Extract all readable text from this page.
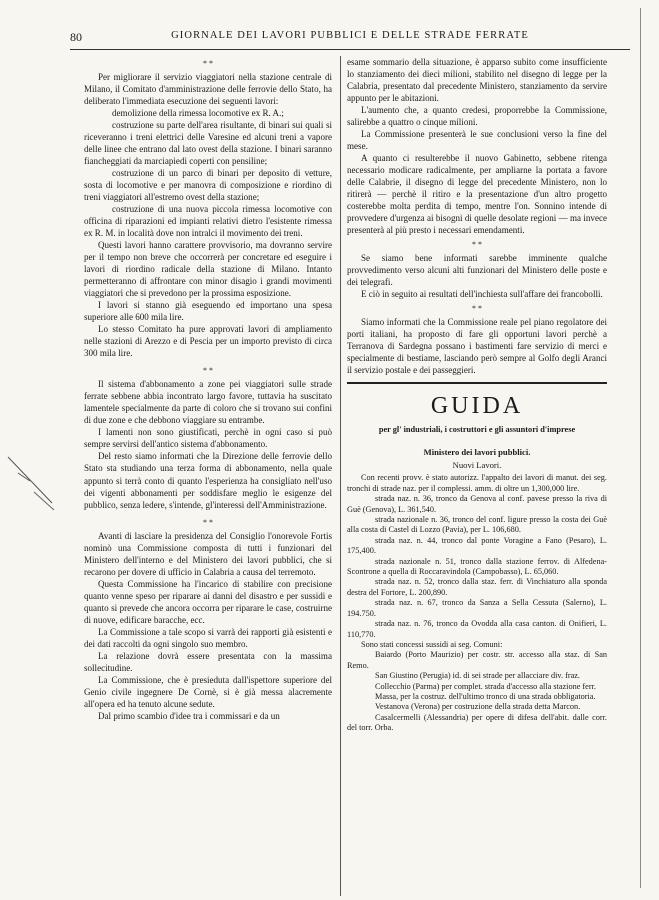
80	GIORNALE DEI LAVORI PUBBLICI E DELLE STRADE FERRATE
* *

Per migliorare il servizio viaggiatori nella stazione centrale di Milano, il Comitato d'amministrazione delle ferrovie dello Stato, ha deliberato l'immediata esecuzione dei seguenti lavori:

demolizione della rimessa locomotive ex R. A.;

costruzione su parte dell'area risultante, di binari sui quali si riceveranno i treni elettrici delle Varesine ed alcuni treni a vapore delle linee che entrano dal lato ovest della stazione. I binari saranno fiancheggiati da marciapiedi coperti con pensiline;

costruzione di un parco di binari per deposito di vetture, sosta di locomotive e per manovra di composizione e riordino di treni viaggiatori all'estremo ovest della stazione;

costruzione di una nuova piccola rimessa locomotive con officina di riparazioni ed impianti relativi dietro l'esistente rimessa ex R. M. in località dove non intralci il movimento dei treni.

Questi lavori hanno carattere provvisorio, ma dovranno servire per il tempo non breve che occorrerà per concretare ed eseguire i lavori di riordino radicale della stazione di Milano. Intanto permetteranno di affrontare con minor disagio i grandi movimenti viaggiatori che si prevedono per la prossima esposizione.

I lavori si stanno già eseguendo ed importano una spesa superiore alle 600 mila lire.

Lo stesso Comitato ha pure approvati lavori di ampliamento nelle stazioni di Arezzo e di Pescia per un importo previsto di circa 300 mila lire.

* *

Il sistema d'abbonamento a zone pei viaggiatori sulle strade ferrate sebbene abbia incontrato largo favore, tuttavia ha suscitato lamentele specialmente da parte di coloro che si trovano sui confini di due zone e che debbono viaggiare su entrambe.

I lamenti non sono giustificati, perchè in ogni caso si può sempre servirsi dell'antico sistema d'abbonamento.

Del resto siamo informati che la Direzione delle ferrovie dello Stato sta studiando una terza forma di abbonamento, nella quale appunto si terrà conto di quanto l'esperienza ha consigliato nell'uso dei vigenti abbonamenti per soddisfare meglio le esigenze del pubblico, senza ledere, s'intende, gl'interessi dell'Amministrazione.

* *

Avanti di lasciare la presidenza del Consiglio l'onorevole Fortis nominò una Commissione composta di tutti i funzionari del Ministero dell'interno e del Ministero dei lavori pubblici, che si recarono per dovere di ufficio in Calabria a causa del terremoto.

Questa Commissione ha l'incarico di stabilire con precisione quanto venne speso per riparare ai danni del disastro e per sussidi e quanto si prevede che ancora occorra per riparare le case, costruirne di nuove, edificare baracche, ecc.

La Commissione a tale scopo si varrà dei rapporti già esistenti e dei dati raccolti da ogni singolo suo membro.

La relazione dovrà essere presentata con la massima sollecitudine.

La Commissione, che è presieduta dall'ispettore superiore del Genio civile ingegnere De Cornè, si è già messa alacremente all'opera ed ha tenuto alcune sedute.

Dal primo scambio d'idee tra i commissari e da un

esame sommario della situazione, è apparso subito come insufficiente lo stanziamento dei dieci milioni, stabilito nel disegno di legge per la Calabria, presentato dal precedente Ministero, stanziamento da servire appunto per le abitazioni.

L'aumento che, a quanto credesi, proporrebbe la Commissione, salirebbe a quattro o cinque milioni.

La Commissione presenterà le sue conclusioni verso la fine del mese.

A quanto ci resulterebbe il nuovo Gabinetto, sebbene ritenga necessario modicare radicalmente, per ampliarne la portata a favore delle Calabrie, il disegno di legge del precedente Ministero, non lo ritirerà — perchè il ritiro e la presentazione d'un altro progetto costerebbe molta perdita di tempo, mentre l'on. Sonnino intende di provvedere d'urgenza ai bisogni di quelle desolate regioni — ma invece presenterà al più presto i necessari emendamenti.

* *

Se siamo bene informati sarebbe imminente qualche provvedimento verso alcuni alti funzionari del Ministero delle poste e dei telegrafi.

E ciò in seguito ai resultati dell'inchiesta sull'affare dei francobolli.

* *

Siamo informati che la Commissione reale pel piano regolatore dei porti italiani, ha proposto di fare gli opportuni lavori perchè a Terranova di Sardegna possano i bastimenti fare servizio di merci e specialmente di bestiame, lasciando però sempre al Golfo degli Aranci il servizio postale e dei passeggieri.

GUIDA
per gl' industriali, i costruttori e gli assuntori d'imprese
Ministero dei lavori pubblici.
Nuovi Lavori.

Con recenti provv. è stato autorizz. l'appalto dei lavori di manut. dei seg. tronchi di strade naz. per il complessi. amm. di oltre un 1,300,000 lire.

strada naz. n. 36, tronco da Genova al conf. pavese presso la riva di Guè (Genova), L. 361,540.

strada nazionale n. 36, tronco del conf. ligure presso la costa dei Guè alla costa di Castel di Lozzo (Pavia), per L. 106,680.

strada naz. n. 44, tronco dal ponte Voragine a Fano (Pesaro), L. 175,400.

strada nazionale n. 51, tronco dalla stazione ferrov. di Alfedena-Scontrone a quella di Roccaravindola (Campobasso), L. 65,060.

strada naz. n. 52, tronco dalla staz. ferr. di Vinchiaturo alla sponda destra del Fortore, L. 200,890.

strada naz. n. 67, tronco da Sanza a Sella Cessuta (Salerno), L. 194.750.

strada naz. n. 76, tronco da Ovodda alla casa canton. di Onifieri, L. 110,770.

Sono stati concessi sussidi ai seg. Comuni:

Baiardo (Porto Maurizio) per costr. str. accesso alla staz. di San Remo.

San Giustino (Perugia) id. di sei strade per allacciare div. fraz.

Collecchio (Parma) per complet. strada d'accesso alla stazione ferr.

Massa, per la costruz. dell'ultimo tronco di una strada obbligatoria.

Vestanova (Verona) per costruzione della strada detta Marcon.

Casalcermelli (Alessandria) per opere di difesa dell'abit. dalle corr. del torr. Orba.
